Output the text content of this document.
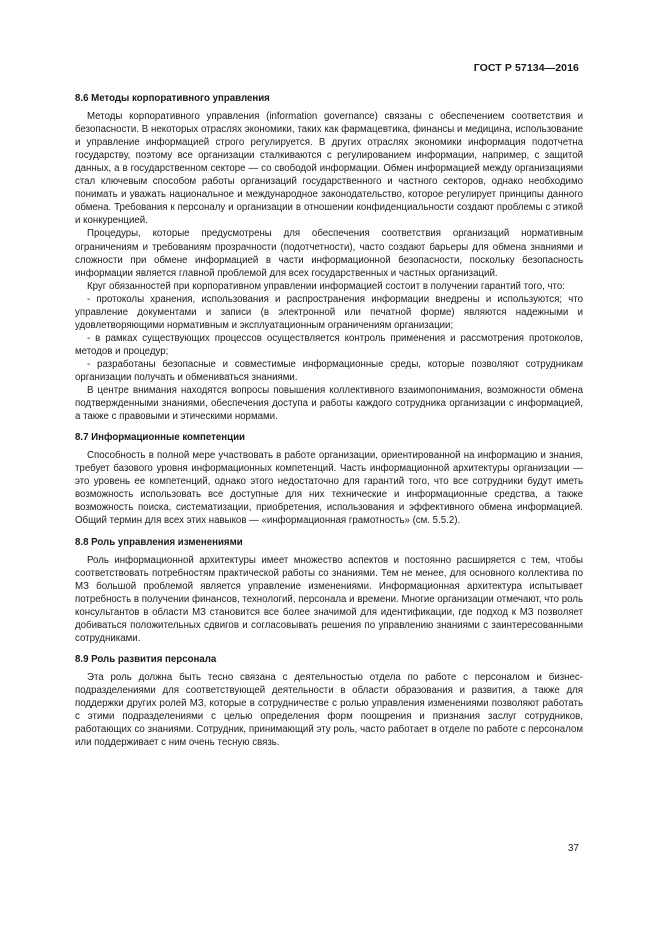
ГОСТ Р 57134—2016
8.6 Методы корпоративного управления

Методы корпоративного управления (information governance) связаны с обеспечением соответствия и безопасности. В некоторых отраслях экономики, таких как фармацевтика, финансы и медицина, использование и управление информацией строго регулируется. В других отраслях экономики информация подотчетна государству, поэтому все организации сталкиваются с регулированием информации, например, с защитой данных, а в государственном секторе — со свободой информации. Обмен информацией между организациями стал ключевым способом работы организаций государственного и частного секторов, однако необходимо понимать и уважать национальное и международное законодательство, которое регулирует принципы данного обмена. Требования к персоналу и организации в отношении конфиденциальности создают проблемы с этикой и конкуренцией.

Процедуры, которые предусмотрены для обеспечения соответствия организаций нормативным ограничениям и требованиям прозрачности (подотчетности), часто создают барьеры для обмена знаниями и сложности при обмене информацией в части информационной безопасности, поскольку безопасность информации является главной проблемой для всех государственных и частных организаций.

Круг обязанностей при корпоративном управлении информацией состоит в получении гарантий того, что:

- протоколы хранения, использования и распространения информации внедрены и используются; что управление документами и записи (в электронной или печатной форме) являются надежными и удовлетворяющими нормативным и эксплуатационным ограничениям организации;

- в рамках существующих процессов осуществляется контроль применения и рассмотрения протоколов, методов и процедур;

- разработаны безопасные и совместимые информационные среды, которые позволяют сотрудникам организации получать и обмениваться знаниями.

В центре внимания находятся вопросы повышения коллективного взаимопонимания, возможности обмена подтвержденными знаниями, обеспечения доступа и работы каждого сотрудника организации с информацией, а также с правовыми и этическими нормами.

8.7 Информационные компетенции

Способность в полной мере участвовать в работе организации, ориентированной на информацию и знания, требует базового уровня информационных компетенций. Часть информационной архитектуры организации — это уровень ее компетенций, однако этого недостаточно для гарантий того, что все сотрудники будут иметь возможность использовать все доступные для них технические и информационные средства, а также возможность поиска, систематизации, приобретения, использования и эффективного обмена информацией. Общий термин для всех этих навыков — «информационная грамотность» (см. 5.5.2).

8.8 Роль управления изменениями

Роль информационной архитектуры имеет множество аспектов и постоянно расширяется с тем, чтобы соответствовать потребностям практической работы со знаниями. Тем не менее, для основного коллектива по МЗ большой проблемой является управление изменениями. Информационная архитектура испытывает потребность в получении финансов, технологий, персонала и времени. Многие организации отмечают, что роль консультантов в области МЗ становится все более значимой для идентификации, где подход к МЗ позволяет добиваться положительных сдвигов и согласовывать решения по управлению знаниями с заинтересованными сотрудниками.

8.9 Роль развития персонала

Эта роль должна быть тесно связана с деятельностью отдела по работе с персоналом и бизнес-подразделениями для соответствующей деятельности в области образования и развития, а также для поддержки других ролей МЗ, которые в сотрудничестве с ролью управления изменениями позволяют работать с этими подразделениями с целью определения форм поощрения и признания заслуг сотрудников, работающих со знаниями. Сотрудник, принимающий эту роль, часто работает в отделе по работе с персоналом или поддерживает с ним очень тесную связь.

37
